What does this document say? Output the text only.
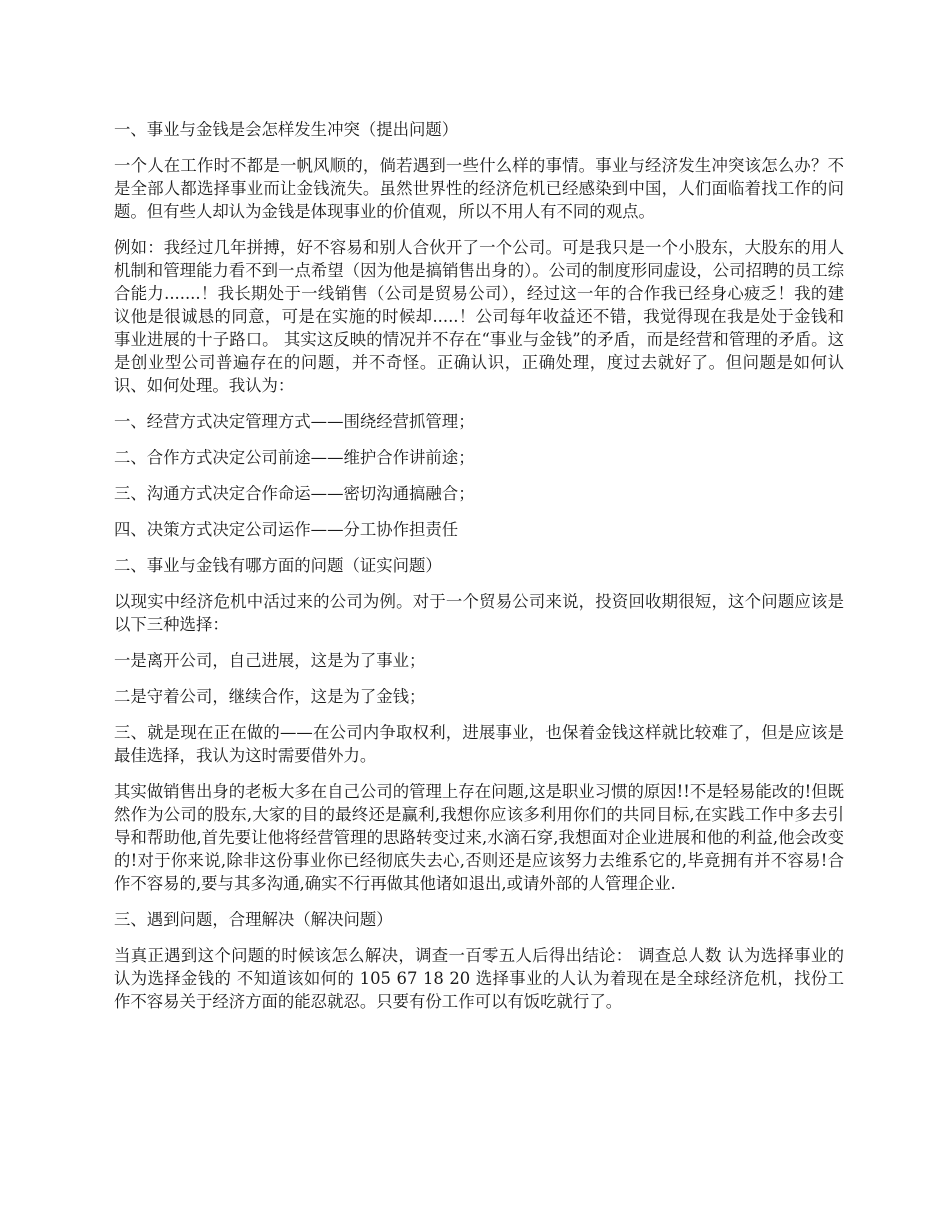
一、事业与金钱是会怎样发生冲突（提出问题）

一个人在工作时不都是一帆风顺的，倘若遇到一些什么样的事情。事业与经济发生冲突该怎么办？不是全部人都选择事业而让金钱流失。虽然世界性的经济危机已经感染到中国，人们面临着找工作的问题。但有些人却认为金钱是体现事业的价值观，所以不用人有不同的观点。

例如：我经过几年拼搏，好不容易和别人合伙开了一个公司。可是我只是一个小股东，大股东的用人机制和管理能力看不到一点希望（因为他是搞销售出身的）。公司的制度形同虚设，公司招聘的员工综合能力.......！我长期处于一线销售（公司是贸易公司），经过这一年的合作我已经身心疲乏！我的建议他是很诚恳的同意，可是在实施的时候却.....！公司每年收益还不错，我觉得现在我是处于金钱和事业进展的十子路口。 其实这反映的情况并不存在“事业与金钱”的矛盾，而是经营和管理的矛盾。这是创业型公司普遍存在的问题，并不奇怪。正确认识，正确处理，度过去就好了。但问题是如何认识、如何处理。我认为：

一、经营方式决定管理方式——围绕经营抓管理；

二、合作方式决定公司前途——维护合作讲前途；

三、沟通方式决定合作命运——密切沟通搞融合；

四、决策方式决定公司运作——分工协作担责任

二、事业与金钱有哪方面的问题（证实问题）

以现实中经济危机中活过来的公司为例。对于一个贸易公司来说，投资回收期很短，这个问题应该是以下三种选择：

一是离开公司，自己进展，这是为了事业；

二是守着公司，继续合作，这是为了金钱；

三、就是现在正在做的——在公司内争取权利，进展事业，也保着金钱这样就比较难了，但是应该是最佳选择，我认为这时需要借外力。

其实做销售出身的老板大多在自己公司的管理上存在问题,这是职业习惯的原因!!不是轻易能改的!但既然作为公司的股东,大家的目的最终还是赢利,我想你应该多利用你们的共同目标,在实践工作中多去引导和帮助他,首先要让他将经营管理的思路转变过来,水滴石穿,我想面对企业进展和他的利益,他会改变的!对于你来说,除非这份事业你已经彻底失去心,否则还是应该努力去维系它的,毕竟拥有并不容易!合作不容易的,要与其多沟通,确实不行再做其他诸如退出,或请外部的人管理企业.

三、遇到问题，合理解决（解决问题）

当真正遇到这个问题的时候该怎么解决，调查一百零五人后得出结论： 调查总人数 认为选择事业的 认为选择金钱的 不知道该如何的 105 67 18 20 选择事业的人认为着现在是全球经济危机，找份工作不容易关于经济方面的能忍就忍。只要有份工作可以有饭吃就行了。
